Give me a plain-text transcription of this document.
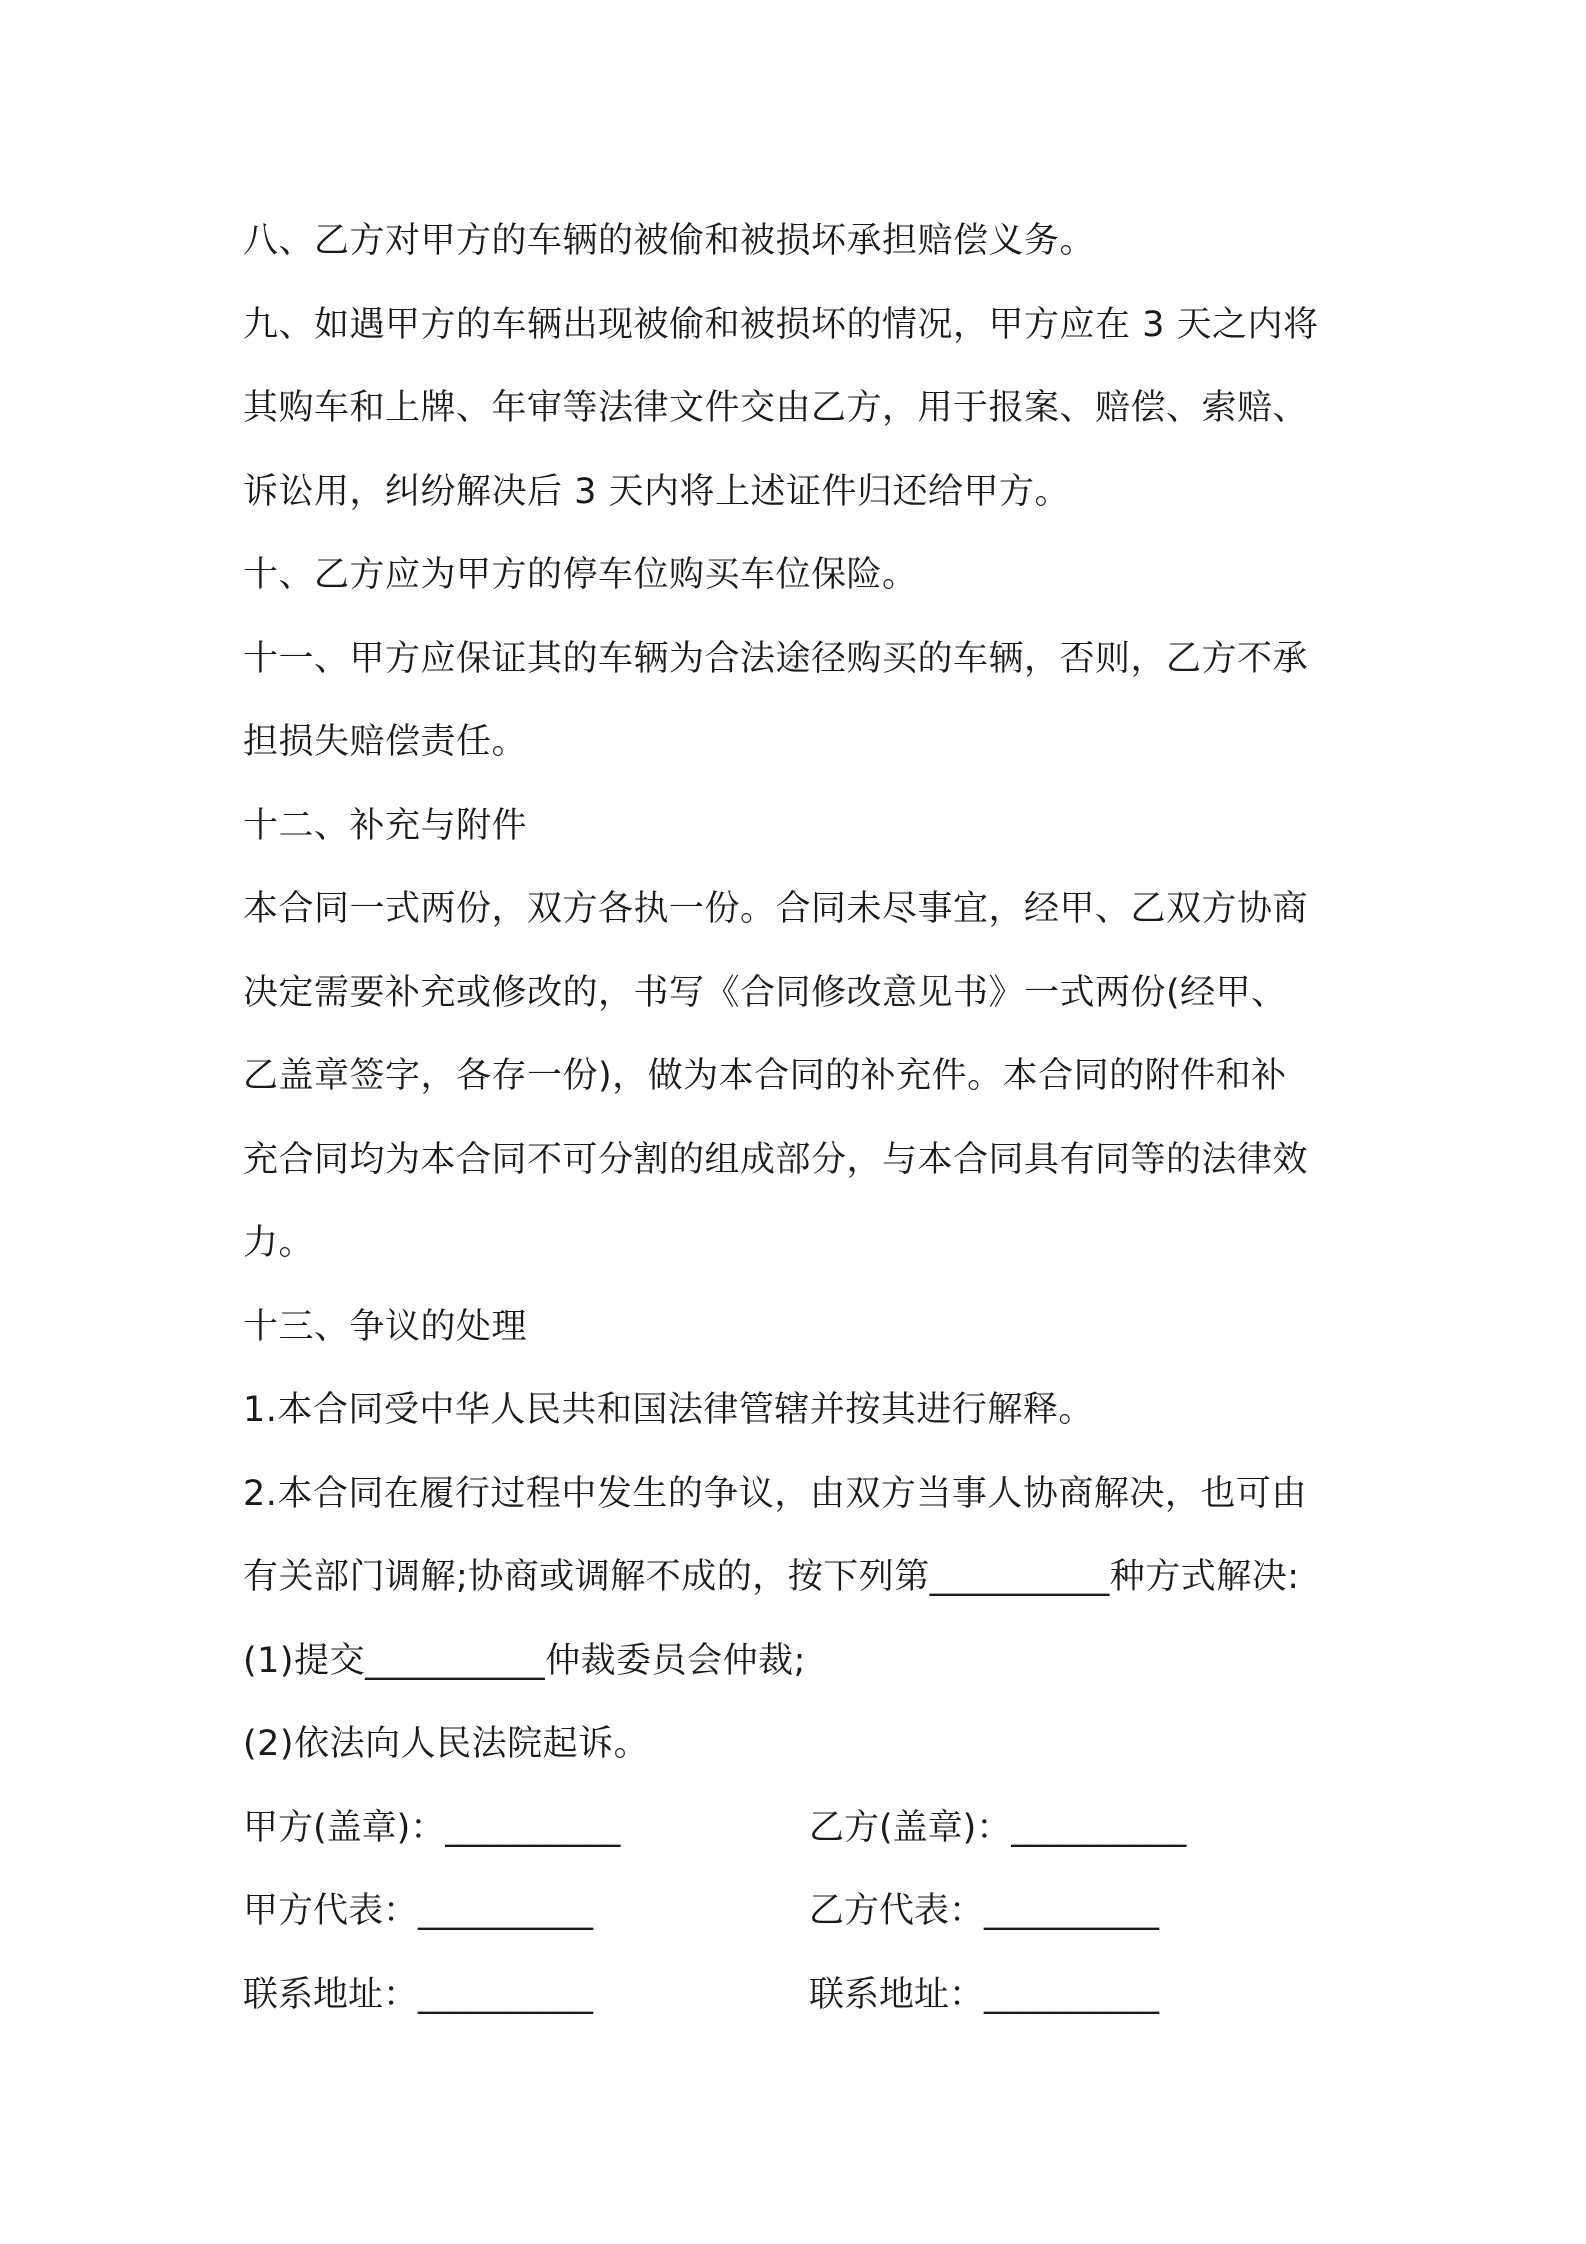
八、乙方对甲方的车辆的被偷和被损坏承担赔偿义务。
九、如遇甲方的车辆出现被偷和被损坏的情况，甲方应在 3 天之内将
其购车和上牌、年审等法律文件交由乙方，用于报案、赔偿、索赔、
诉讼用，纠纷解决后 3 天内将上述证件归还给甲方。
十、乙方应为甲方的停车位购买车位保险。
十一、甲方应保证其的车辆为合法途径购买的车辆，否则，乙方不承
担损失赔偿责任。
十二、补充与附件
本合同一式两份，双方各执一份。合同未尽事宜，经甲、乙双方协商
决定需要补充或修改的，书写《合同修改意见书》一式两份(经甲、
乙盖章签字，各存一份)，做为本合同的补充件。本合同的附件和补
充合同均为本合同不可分割的组成部分，与本合同具有同等的法律效
力。
十三、争议的处理
1.本合同受中华人民共和国法律管辖并按其进行解释。
2.本合同在履行过程中发生的争议，由双方当事人协商解决，也可由
有关部门调解;协商或调解不成的，按下列第__________种方式解决:
(1)提交__________仲裁委员会仲裁;
(2)依法向人民法院起诉。
甲方(盖章)：__________	乙方(盖章)：__________
甲方代表：__________	乙方代表：__________
联系地址：__________	联系地址：__________
